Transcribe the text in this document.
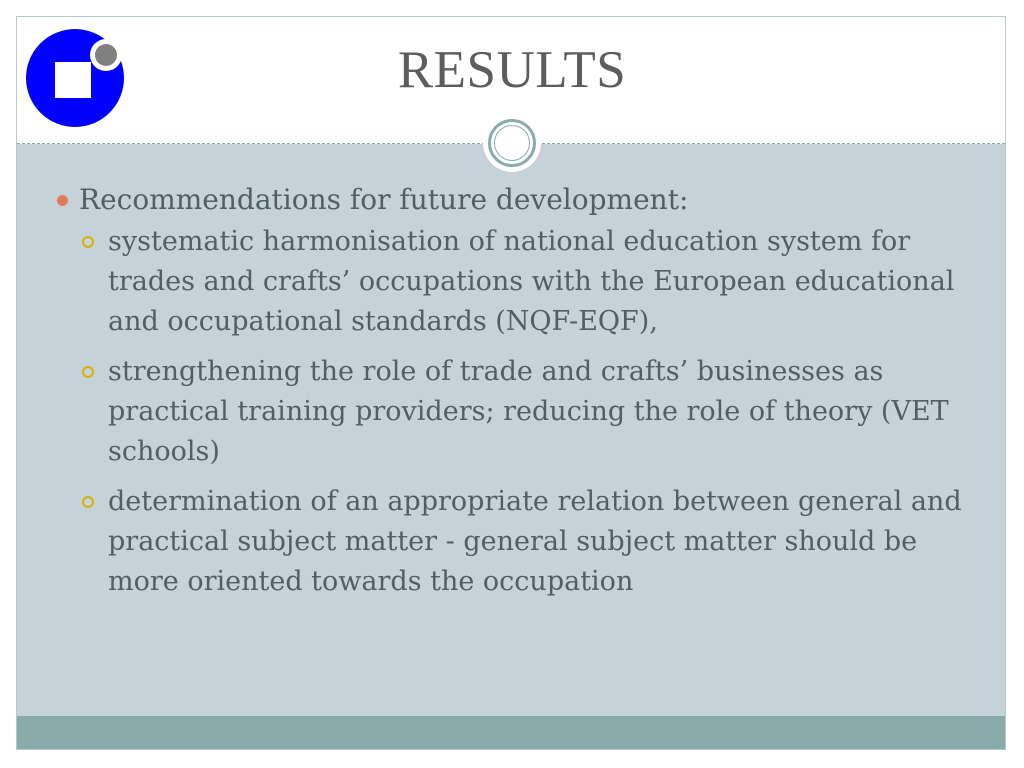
RESULTS
Recommendations for future development:
systematic harmonisation of national education system for trades and crafts’ occupations with the European educational and occupational standards (NQF-EQF),
strengthening the role of trade and crafts’ businesses as practical training providers; reducing the role of theory (VET schools)
determination of an appropriate relation between general and practical subject matter - general subject matter should be more oriented towards the occupation
